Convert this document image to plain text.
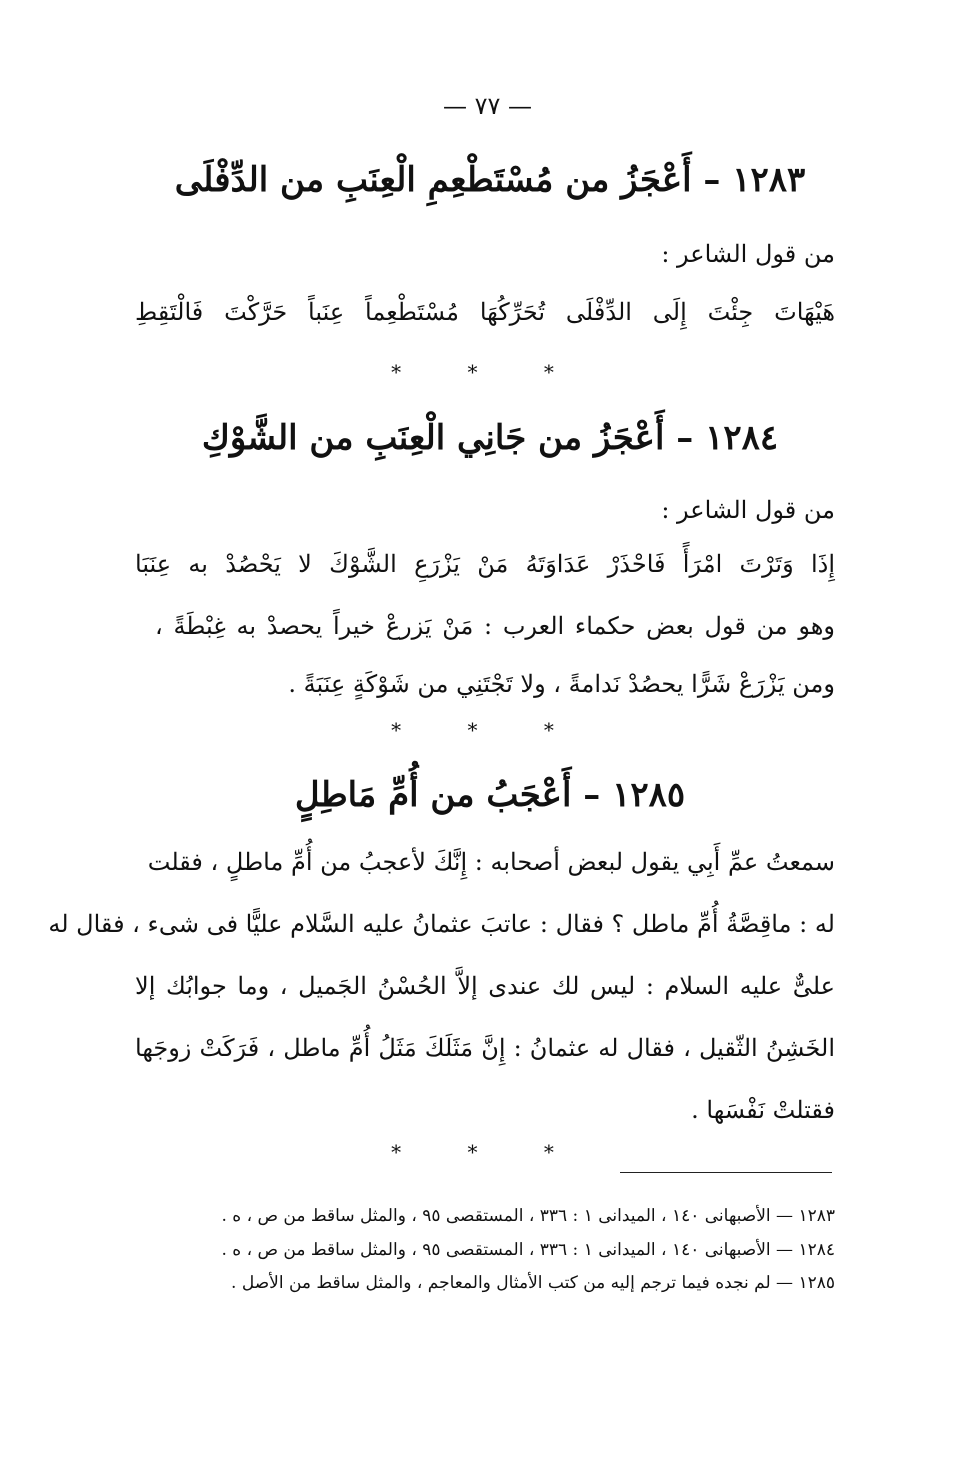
— ٧٧ —
١٢٨٣ – أَعْجَزُ من مُسْتَطْعِمِ الْعِنَبِ من الدِّفْلَى
من قول الشاعر :
هَيْهَاتَ جِئْتَ إِلَى الدِّفْلَى تُحَرِّكُهَا مُسْتَطْعِماً عِنَباً حَرَّكْتَ فَالْتَقِطِ
* * *
١٢٨٤ – أَعْجَزُ من جَانِي الْعِنَبِ من الشَّوْكِ
من قول الشاعر :
إِذَا وَتَرْتَ امْرَأً فَاحْذَرْ عَدَاوَتَهُ مَنْ يَزْرَعِ الشَّوْكَ لا يَحْصُدْ به عِنَبَا
وهو من قول بعض حكماء العرب : مَنْ يَزرعْ خيراً يحصدْ به غِبْطَةً ،
ومن يَزْرَعْ شَرًّا يحصُدْ نَدامةً ، ولا تَجْتَنِي من شَوْكَةٍ عِنَبَةً .
* * *
١٢٨٥ – أَعْجَبُ من أُمِّ مَاطِلٍ
سمعتُ عمِّ أَبِي يقول لبعض أصحابه : إِنَّكَ لأعجبُ من أُمِّ ماطلٍ ، فقلت
له : ماقِصَّةُ أُمِّ ماطل ؟ فقال : عاتبَ عثمانُ عليه السَّلام عليًّا فى شىء ، فقال له
علىٌّ عليه السلام : ليس لك عندى إلاَّ الحُسْنُ الجَميل ، وما جوابُك إلا
الخَشِنُ الثّقيل ، فقال له عثمانُ : إِنَّ مَثَلَكَ مَثَلُ أُمِّ ماطل ، فَرَكَتْ زوجَها
فقتلتْ نَفْسَها .
* * *
١٢٨٣ — الأصبهانى ١٤٠ ، الميدانى ١ : ٣٣٦ ، المستقصى ٩٥ ، والمثل ساقط من ص ، ه .
١٢٨٤ — الأصبهانى ١٤٠ ، الميدانى ١ : ٣٣٦ ، المستقصى ٩٥ ، والمثل ساقط من ص ، ه .
١٢٨٥ — لم نجده فيما ترجم إليه من كتب الأمثال والمعاجم ، والمثل ساقط من الأصل .
